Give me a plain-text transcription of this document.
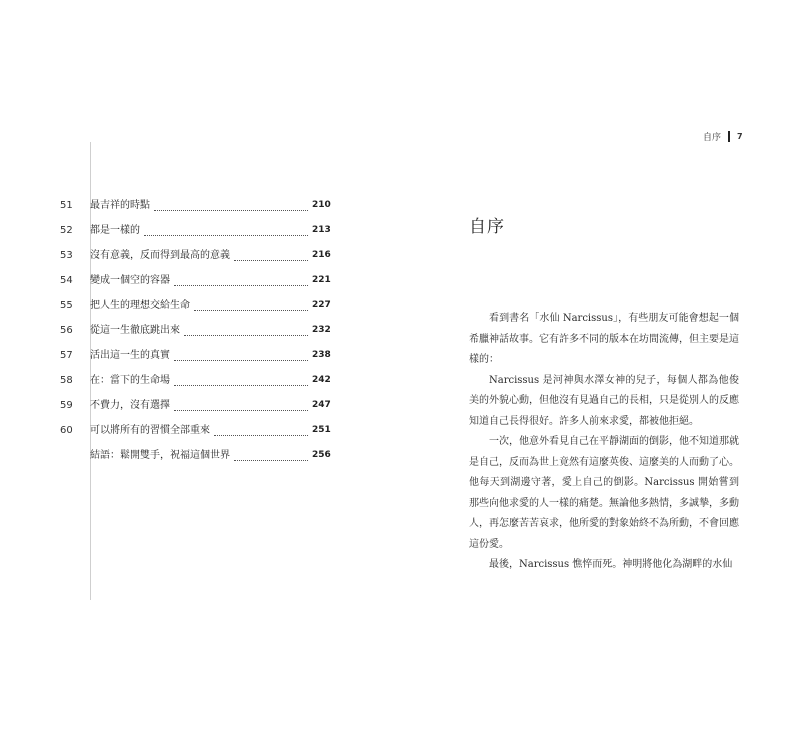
51	最吉祥的時點	210
52	都是一樣的	213
53	沒有意義，反而得到最高的意義	216
54	變成一個空的容器	221
55	把人生的理想交給生命	227
56	從這一生徹底跳出來	232
57	活出這一生的真實	238
58	在：當下的生命場	242
59	不費力，沒有選擇	247
60	可以將所有的習慣全部重來	251
結語：鬆開雙手，祝福這個世界	256
自序 7
自序

看到書名「水仙 Narcissus」，有些朋友可能會想起一個希臘神話故事。它有許多不同的版本在坊間流傳，但主要是這樣的：

Narcissus 是河神與水澤女神的兒子，每個人都為他俊美的外貌心動，但他沒有見過自己的長相，只是從別人的反應知道自己長得很好。許多人前來求愛，都被他拒絕。

一次，他意外看見自己在平靜湖面的倒影，他不知道那就是自己，反而為世上竟然有這麼英俊、這麼美的人而動了心。他每天到湖邊守著，愛上自己的倒影。Narcissus 開始嘗到那些向他求愛的人一樣的痛楚。無論他多熱情，多誠摯，多動人，再怎麼苦苦哀求，他所愛的對象始終不為所動，不會回應這份愛。

最後，Narcissus 憔悴而死。神明將他化為湖畔的水仙
